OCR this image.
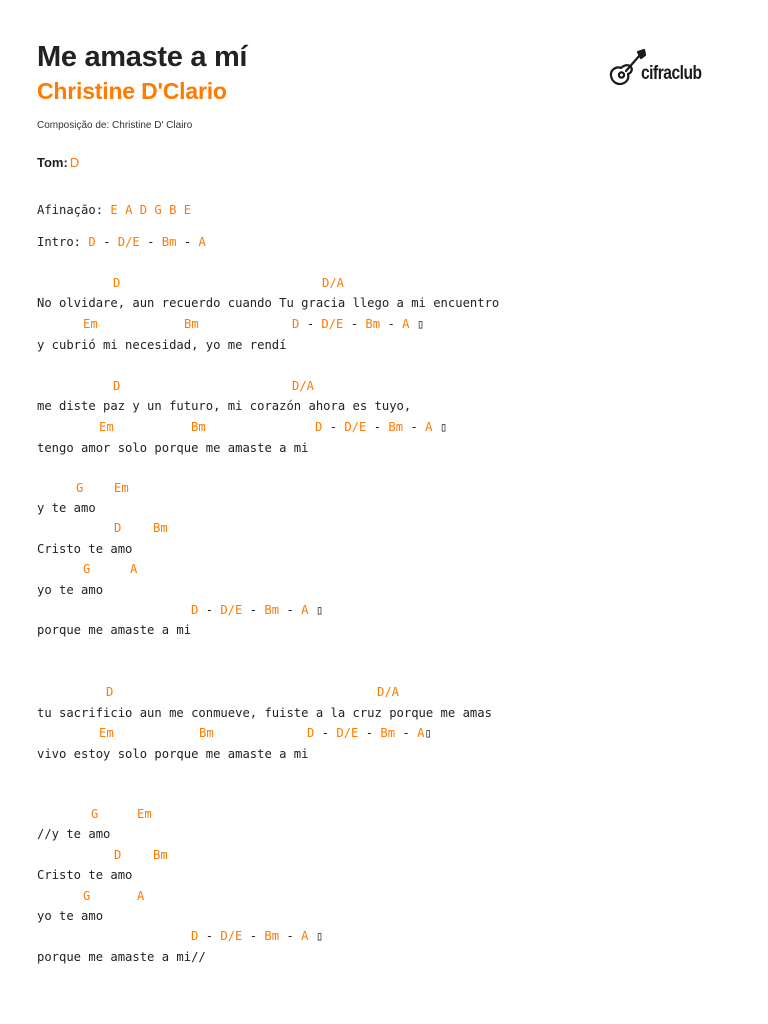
Me amaste a mí
Christine D'Clario
Composição de: Christine D' Clairo
cifraclub
Tom: D
Afinação: E A D G B E
Intro: D - D/E - Bm - A
D	D/A
No olvidare, aun recuerdo cuando Tu gracia llego a mi encuentro
Em	Bm	D - D/E - Bm - A ▯
y cubrió mi necesidad, yo me rendí
D	D/A
me diste paz y un futuro, mi corazón ahora es tuyo,
Em	Bm	D - D/E - Bm - A ▯
tengo amor solo porque me amaste a mi
G	Em
y te amo
D	Bm
Cristo te amo
G	A
yo te amo
D - D/E - Bm - A ▯
porque me amaste a mi
D	D/A
tu sacrificio aun me conmueve, fuiste a la cruz porque me amas
Em	Bm	D - D/E - Bm - A▯
vivo estoy solo porque me amaste a mi
G	Em
//y te amo
D	Bm
Cristo te amo
G	A
yo te amo
D - D/E - Bm - A ▯
porque me amaste a mi//
